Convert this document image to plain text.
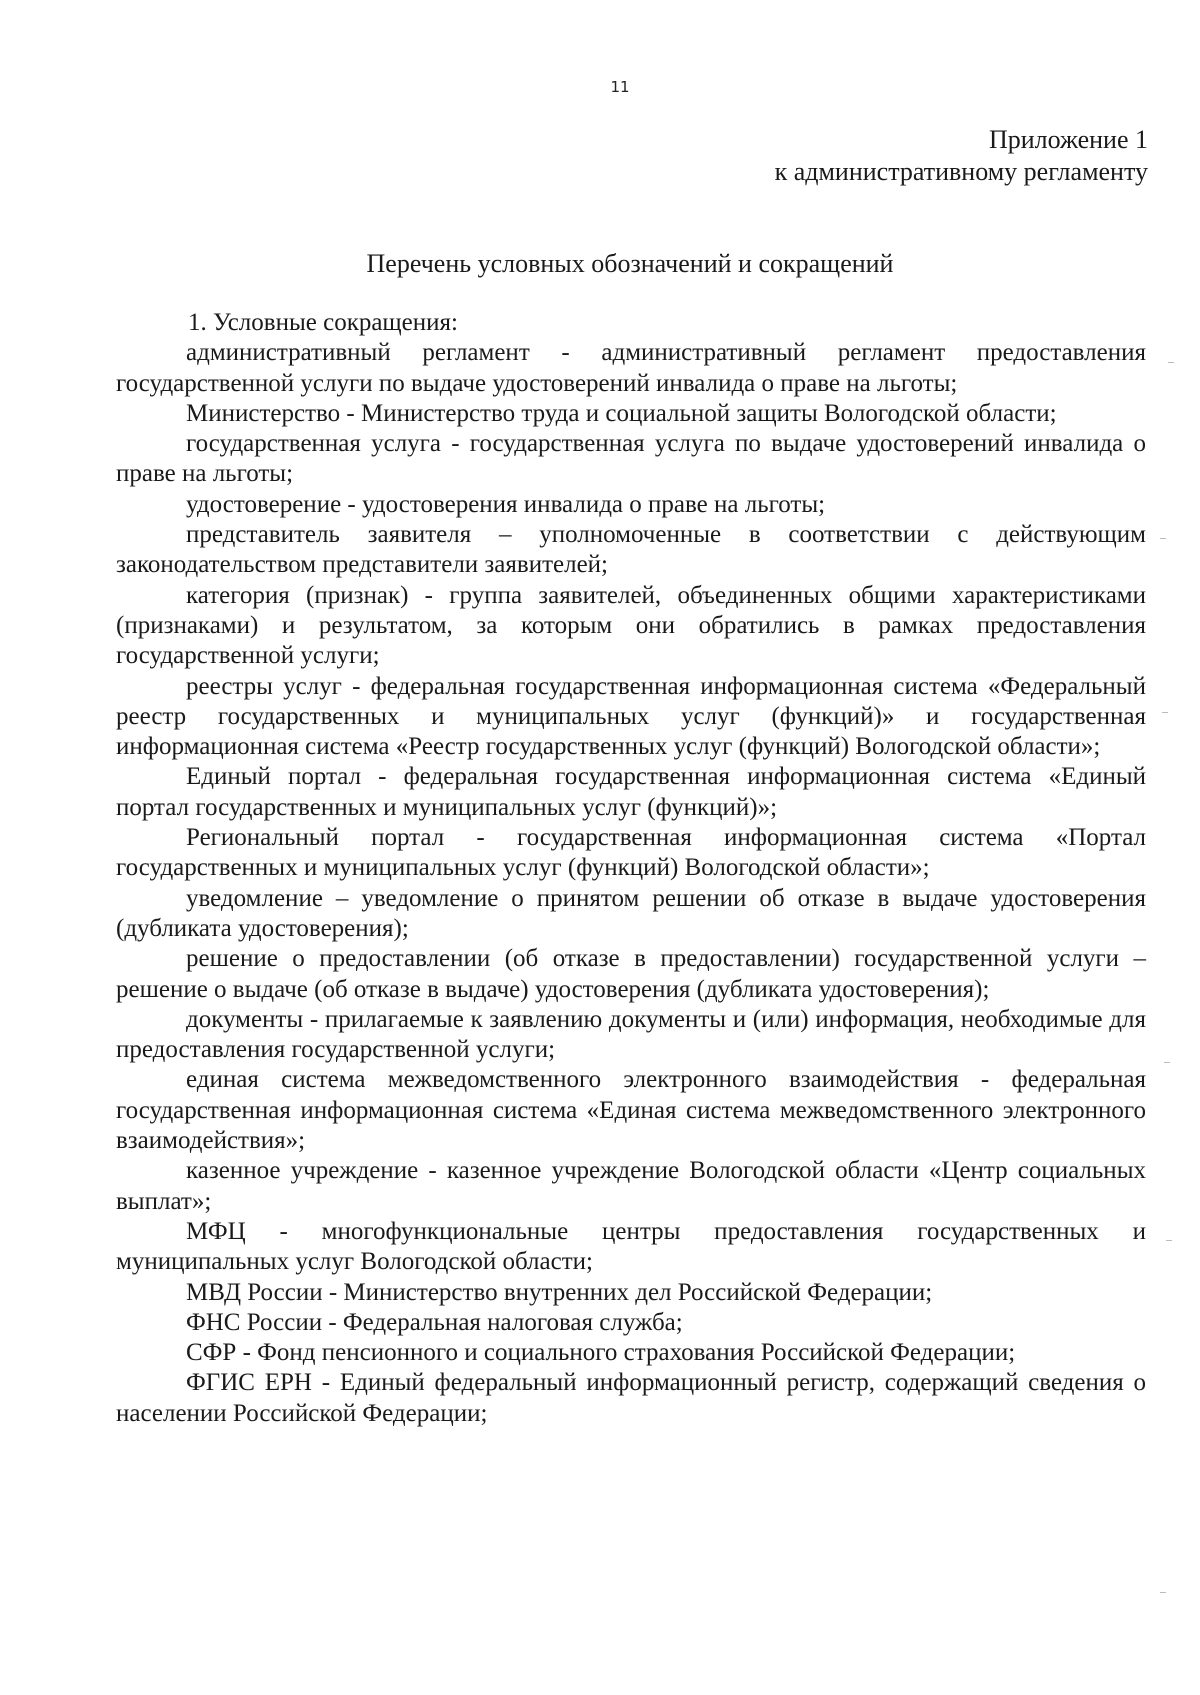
11
Приложение 1
к административному регламенту
Перечень условных обозначений и сокращений

1. Условные сокращения:

административный регламент - административный регламент предоставления государственной услуги по выдаче удостоверений инвалида о праве на льготы;

Министерство - Министерство труда и социальной защиты Вологодской области;

государственная услуга - государственная услуга по выдаче удостоверений инвалида о праве на льготы;

удостоверение - удостоверения инвалида о праве на льготы;

представитель заявителя – уполномоченные в соответствии с действующим законодательством представители заявителей;

категория (признак) - группа заявителей, объединенных общими характеристиками (признаками) и результатом, за которым они обратились в рамках предоставления государственной услуги;

реестры услуг - федеральная государственная информационная система «Федеральный реестр государственных и муниципальных услуг (функций)» и государственная информационная система «Реестр государственных услуг (функций) Вологодской области»;

Единый портал - федеральная государственная информационная система «Единый портал государственных и муниципальных услуг (функций)»;

Региональный портал - государственная информационная система «Портал государственных и муниципальных услуг (функций) Вологодской области»;

уведомление – уведомление о принятом решении об отказе в выдаче удостоверения (дубликата удостоверения);

решение о предоставлении (об отказе в предоставлении) государственной услуги – решение о выдаче (об отказе в выдаче) удостоверения (дубликата удостоверения);

документы - прилагаемые к заявлению документы и (или) информация, необходимые для предоставления государственной услуги;

единая система межведомственного электронного взаимодействия - федеральная государственная информационная система «Единая система межведомственного электронного взаимодействия»;

казенное учреждение - казенное учреждение Вологодской области «Центр социальных выплат»;

МФЦ - многофункциональные центры предоставления государственных и муниципальных услуг Вологодской области;

МВД России - Министерство внутренних дел Российской Федерации;

ФНС России - Федеральная налоговая служба;

СФР - Фонд пенсионного и социального страхования Российской Федерации;

ФГИС ЕРН - Единый федеральный информационный регистр, содержащий сведения о населении Российской Федерации;
